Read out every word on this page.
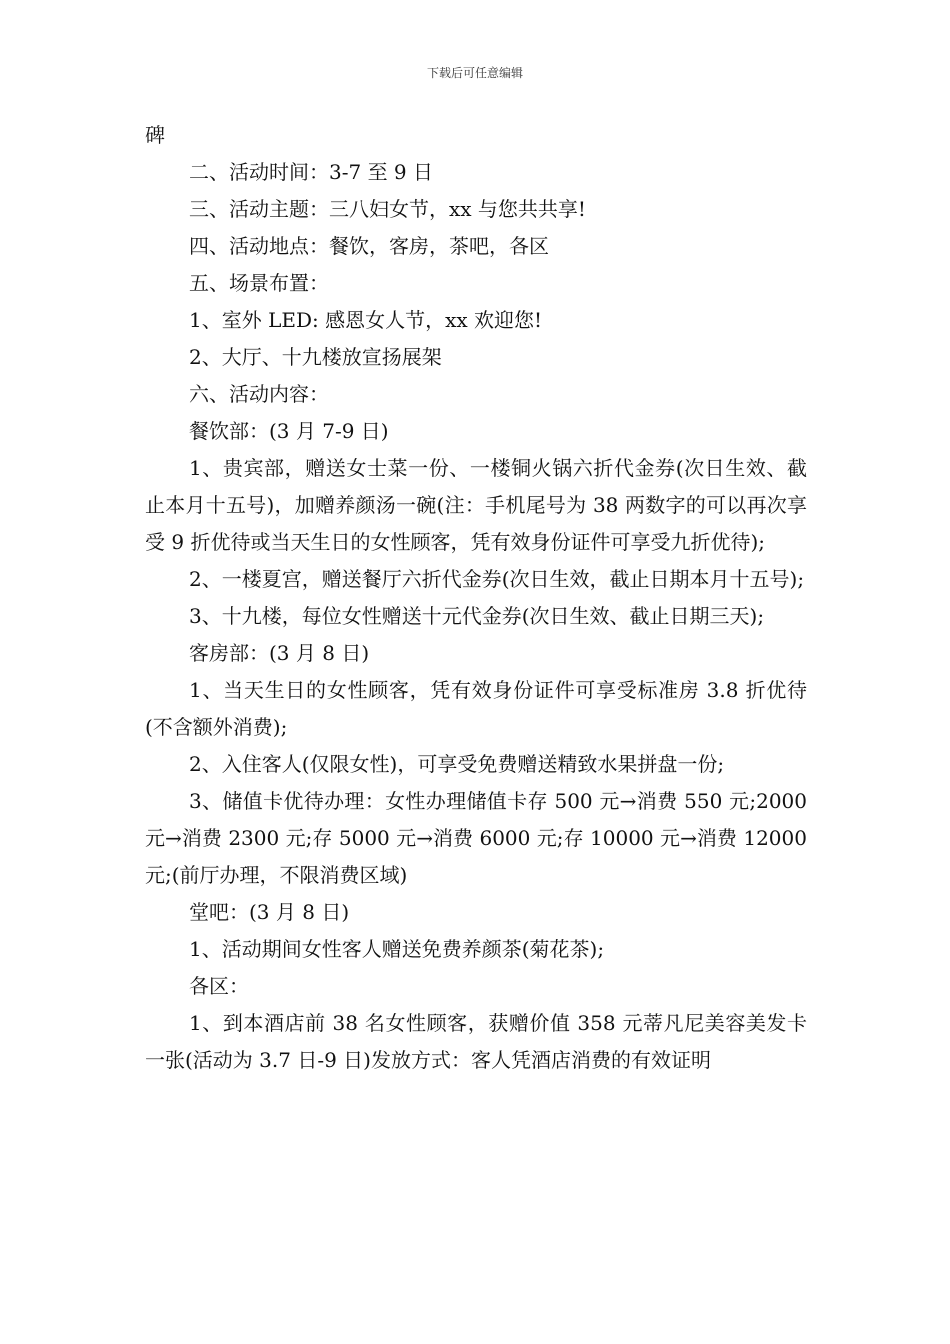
下载后可任意编辑

碑

二、活动时间：3-7 至 9 日

三、活动主题：三八妇女节，xx 与您共共享!

四、活动地点：餐饮，客房，茶吧，各区

五、场景布置：

1、室外 LED: 感恩女人节，xx 欢迎您!

2、大厅、十九楼放宣扬展架

六、活动内容：

餐饮部：(3 月 7-9 日)

1、贵宾部，赠送女士菜一份、一楼铜火锅六折代金券(次日生效、截止本月十五号)，加赠养颜汤一碗(注：手机尾号为 38 两数字的可以再次享受 9 折优待或当天生日的女性顾客，凭有效身份证件可享受九折优待);

2、一楼夏宫，赠送餐厅六折代金券(次日生效，截止日期本月十五号);

3、十九楼，每位女性赠送十元代金券(次日生效、截止日期三天);

客房部：(3 月 8 日)

1、当天生日的女性顾客，凭有效身份证件可享受标准房 3.8 折优待(不含额外消费);

2、入住客人(仅限女性)，可享受免费赠送精致水果拼盘一份;

3、储值卡优待办理：女性办理储值卡存 500 元→消费 550 元;2000 元→消费 2300 元;存 5000 元→消费 6000 元;存 10000 元→消费 12000 元;(前厅办理，不限消费区域)

堂吧：(3 月 8 日)

1、活动期间女性客人赠送免费养颜茶(菊花茶);

各区：

1、到本酒店前 38 名女性顾客，获赠价值 358 元蒂凡尼美容美发卡一张(活动为 3.7 日-9 日)发放方式：客人凭酒店消费的有效证明
